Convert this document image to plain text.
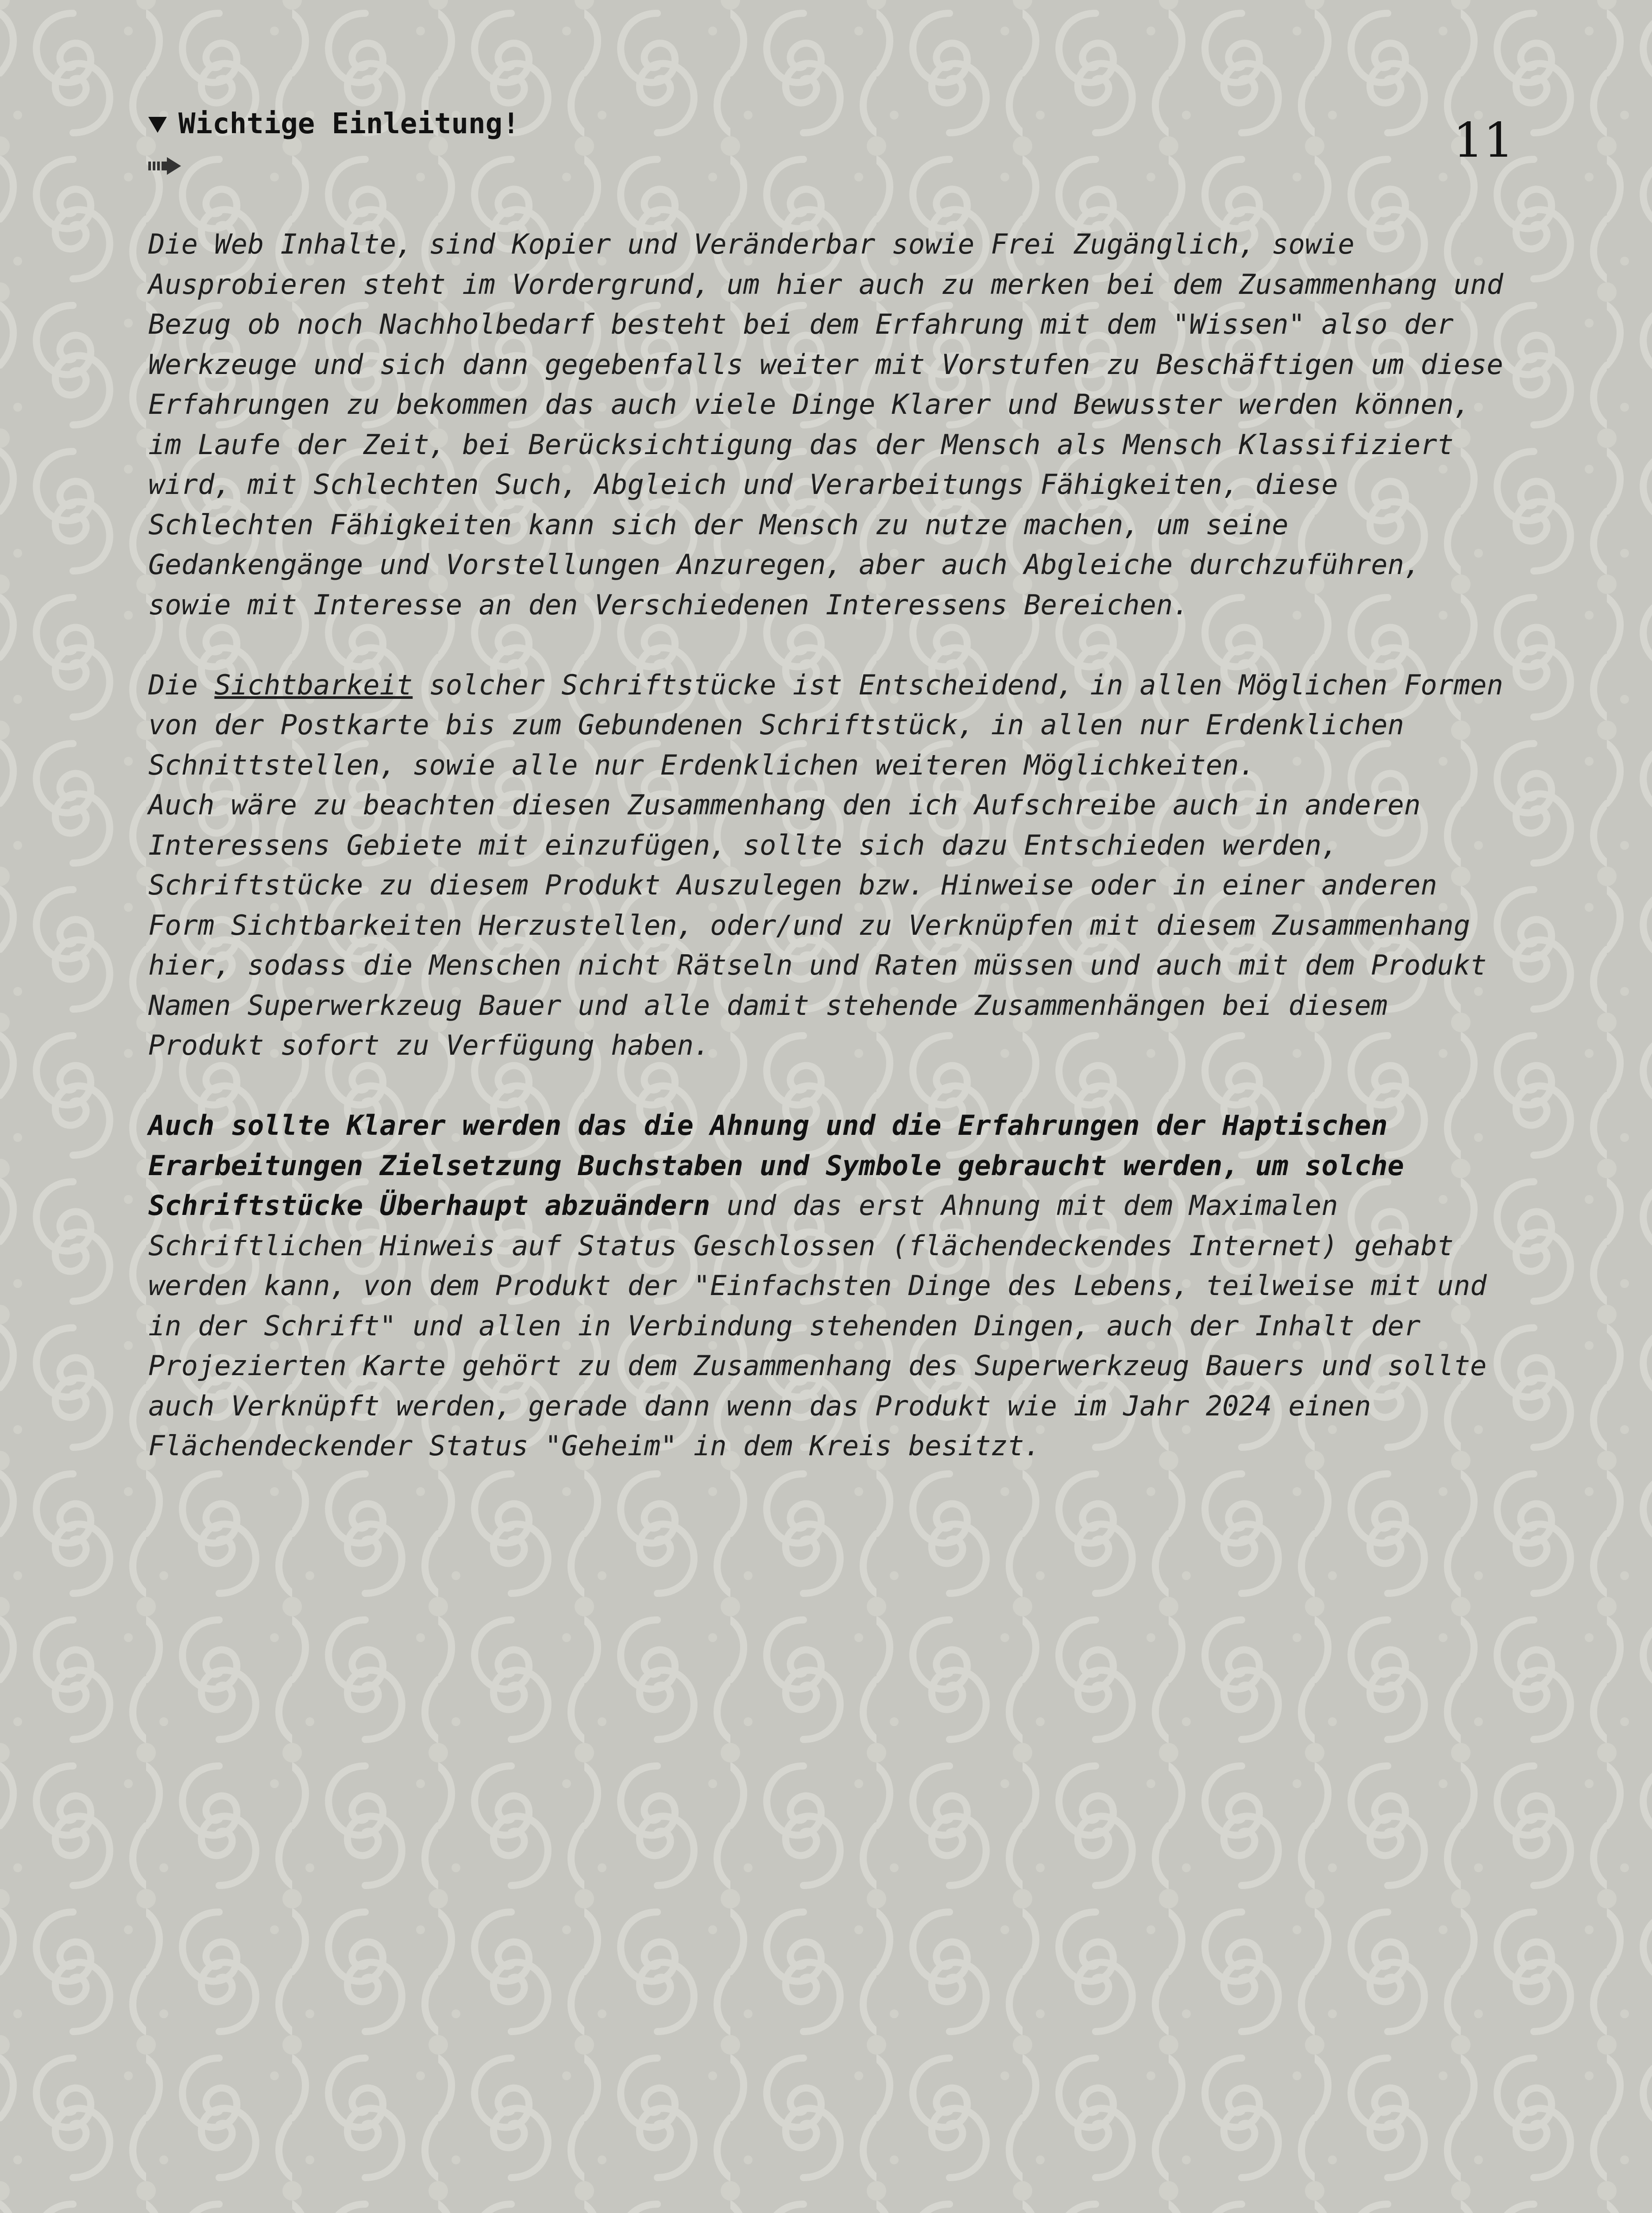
11
Wichtige Einleitung!

Die Web Inhalte, sind Kopier und Veränderbar sowie Frei Zugänglich, sowie

Ausprobieren steht im Vordergrund, um hier auch zu merken bei dem Zusammenhang und

Bezug ob noch Nachholbedarf besteht bei dem Erfahrung mit dem "Wissen" also der

Werkzeuge und sich dann gegebenfalls weiter mit Vorstufen zu Beschäftigen um diese

Erfahrungen zu bekommen das auch viele Dinge Klarer und Bewusster werden können,

im Laufe der Zeit, bei Berücksichtigung das der Mensch als Mensch Klassifiziert

wird, mit Schlechten Such, Abgleich und Verarbeitungs Fähigkeiten, diese

Schlechten Fähigkeiten kann sich der Mensch zu nutze machen, um seine

Gedankengänge und Vorstellungen Anzuregen, aber auch Abgleiche durchzuführen,

sowie mit Interesse an den Verschiedenen Interessens Bereichen.

Die Sichtbarkeit solcher Schriftstücke ist Entscheidend, in allen Möglichen Formen

von der Postkarte bis zum Gebundenen Schriftstück, in allen nur Erdenklichen

Schnittstellen, sowie alle nur Erdenklichen weiteren Möglichkeiten.

Auch wäre zu beachten diesen Zusammenhang den ich Aufschreibe auch in anderen

Interessens Gebiete mit einzufügen, sollte sich dazu Entschieden werden,

Schriftstücke zu diesem Produkt Auszulegen bzw. Hinweise oder in einer anderen

Form Sichtbarkeiten Herzustellen, oder/und zu Verknüpfen mit diesem Zusammenhang

hier, sodass die Menschen nicht Rätseln und Raten müssen und auch mit dem Produkt

Namen Superwerkzeug Bauer und alle damit stehende Zusammenhängen bei diesem

Produkt sofort zu Verfügung haben.

Auch sollte Klarer werden das die Ahnung und die Erfahrungen der Haptischen

Erarbeitungen Zielsetzung Buchstaben und Symbole gebraucht werden, um solche

Schriftstücke Überhaupt abzuändern und das erst Ahnung mit dem Maximalen

Schriftlichen Hinweis auf Status Geschlossen (flächendeckendes Internet) gehabt

werden kann, von dem Produkt der "Einfachsten Dinge des Lebens, teilweise mit und

in der Schrift" und allen in Verbindung stehenden Dingen, auch der Inhalt der

Projezierten Karte gehört zu dem Zusammenhang des Superwerkzeug Bauers und sollte

auch Verknüpft werden, gerade dann wenn das Produkt wie im Jahr 2024 einen

Flächendeckender Status "Geheim" in dem Kreis besitzt.
